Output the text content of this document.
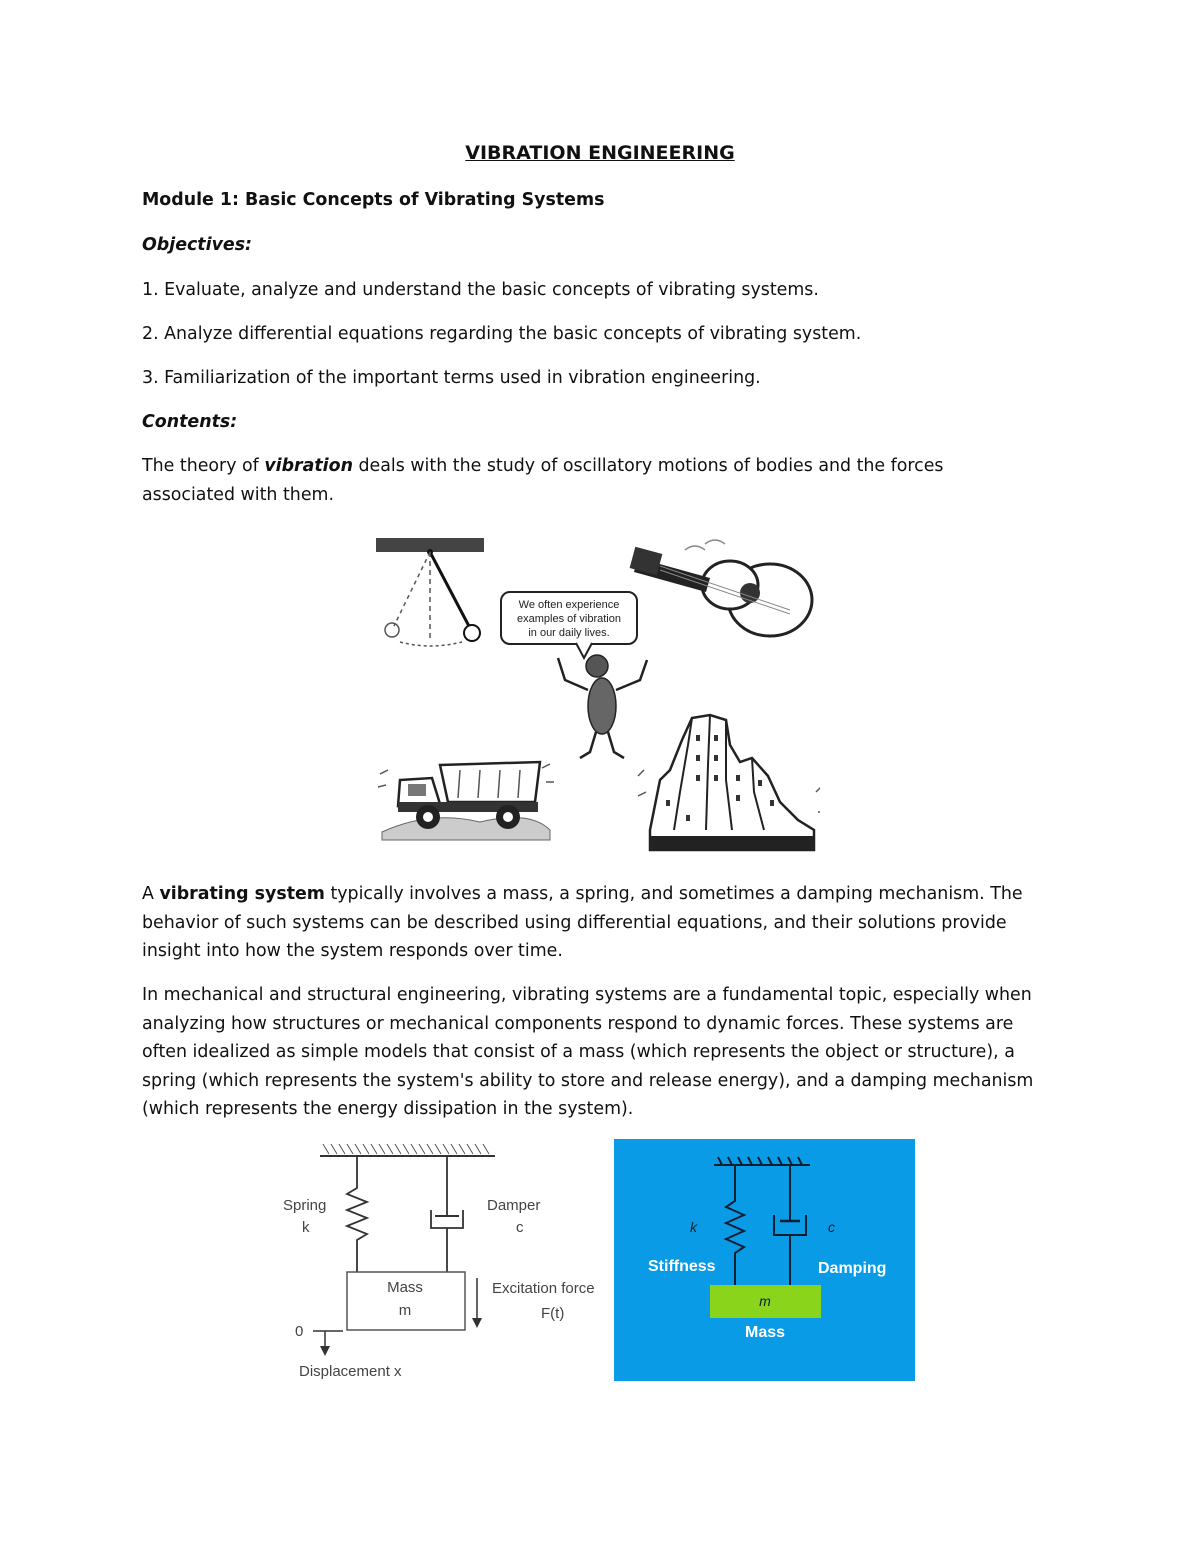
VIBRATION ENGINEERING
Module 1: Basic Concepts of Vibrating Systems
Objectives:
1. Evaluate, analyze and understand the basic concepts of vibrating systems.
2. Analyze differential equations regarding the basic concepts of vibrating system.
3. Familiarization of the important terms used in vibration engineering.
Contents:
The theory of vibration deals with the study of oscillatory motions of bodies and the forces associated with them.
We often experience
examples of vibration
in our daily lives.
A vibrating system typically involves a mass, a spring, and sometimes a damping mechanism. The behavior of such systems can be described using differential equations, and their solutions provide insight into how the system responds over time.
In mechanical and structural engineering, vibrating systems are a fundamental topic, especially when analyzing how structures or mechanical components respond to dynamic forces. These systems are often idealized as simple models that consist of a mass (which represents the object or structure), a spring (which represents the system's ability to store and release energy), and a damping mechanism (which represents the energy dissipation in the system).
Spring
k
Damper
c
Mass
m
Excitation force
F(t)
0
Displacement x
k	c
Stiffness	Damping
m
Mass
